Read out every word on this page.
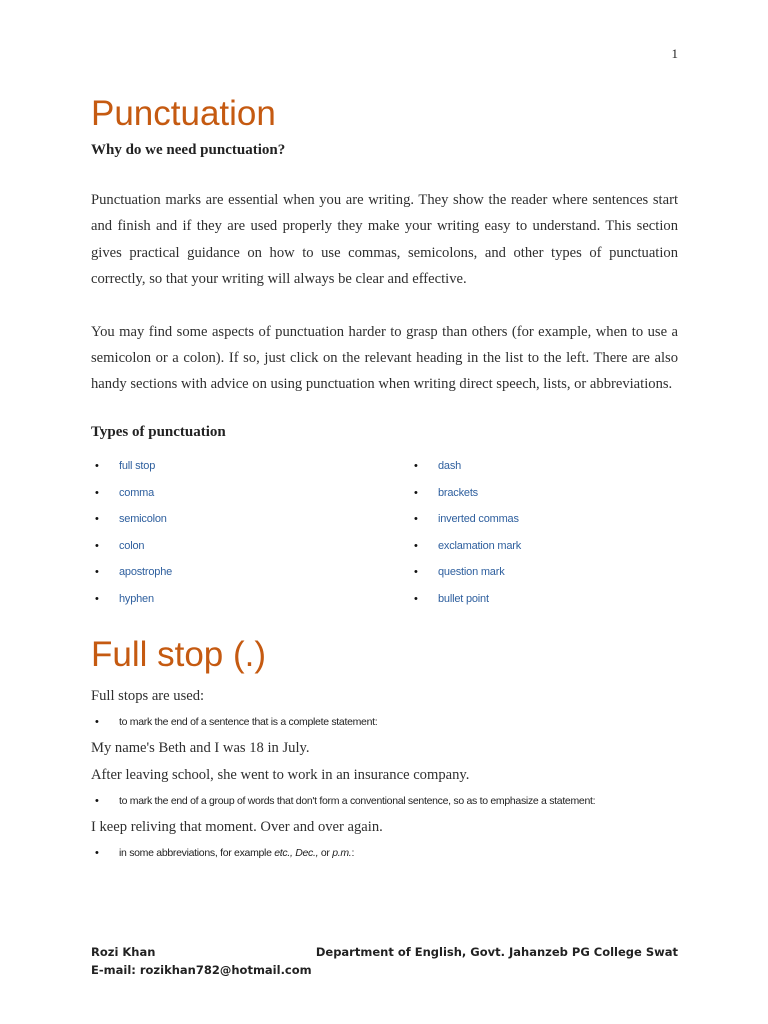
1
Punctuation

Why do we need punctuation?

Punctuation marks are essential when you are writing. They show the reader where sentences start and finish and if they are used properly they make your writing easy to understand. This section gives practical guidance on how to use commas, semicolons, and other types of punctuation correctly, so that your writing will always be clear and effective.

You may find some aspects of punctuation harder to grasp than others (for example, when to use a semicolon or a colon). If so, just click on the relevant heading in the list to the left. There are also handy sections with advice on using punctuation when writing direct speech, lists, or abbreviations.

Types of punctuation

•	full stop
•	comma
•	semicolon
•	colon
•	apostrophe
•	hyphen
•	dash
•	brackets
•	inverted commas
•	exclamation mark
•	question mark
•	bullet point
Full stop (.)

Full stops are used:

•	to mark the end of a sentence that is a complete statement:

My name's Beth and I was 18 in July.

After leaving school, she went to work in an insurance company.

•	to mark the end of a group of words that don't form a conventional sentence, so as to emphasize a statement:

I keep reliving that moment. Over and over again.

•	in some abbreviations, for example etc., Dec., or p.m.:
Rozi Khan	Department of English, Govt. Jahanzeb PG College Swat
E-mail: rozikhan782@hotmail.com
